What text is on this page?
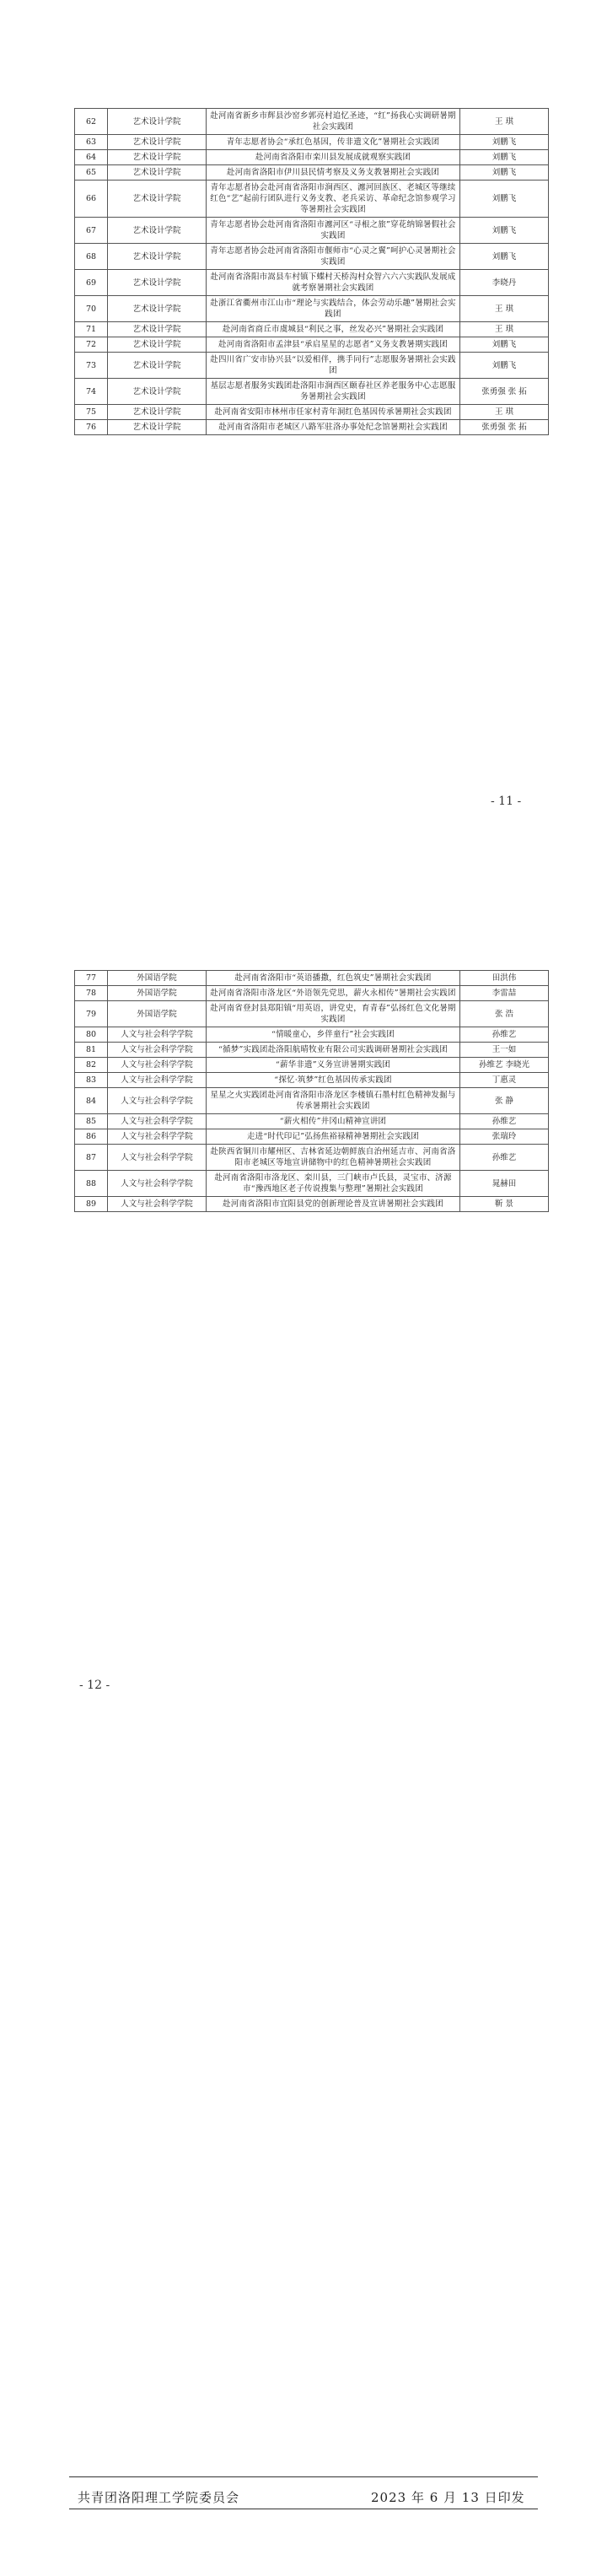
62	艺术设计学院	赴河南省新乡市辉县沙窑乡郭亮村追忆圣迹，“红”扬我心实调研暑期社会实践团	王 琪
63	艺术设计学院	青年志愿者协会“承红色基因，传非遗文化”暑期社会实践团	刘鹏飞
64	艺术设计学院	赴河南省洛阳市栾川县发展成就观察实践团	刘鹏飞
65	艺术设计学院	赴河南省洛阳市伊川县民情考察及义务支教暑期社会实践团	刘鹏飞
66	艺术设计学院	青年志愿者协会赴河南省洛阳市涧西区、瀍河回族区、老城区等继续红色“艺”起前行团队进行义务支教、老兵采访、革命纪念馆参观学习等暑期社会实践团	刘鹏飞
67	艺术设计学院	青年志愿者协会赴河南省洛阳市瀍河区“寻根之旅”穿花纳锦暑假社会实践团	刘鹏飞
68	艺术设计学院	青年志愿者协会赴河南省洛阳市偃师市“心灵之翼”呵护心灵暑期社会实践团	刘鹏飞
69	艺术设计学院	赴河南省洛阳市嵩县车村镇下蝶村天桥沟村众智六六六实践队发展成就考察暑期社会实践团	李晓丹
70	艺术设计学院	赴浙江省衢州市江山市“理论与实践结合，体会劳动乐趣”暑期社会实践团	王 琪
71	艺术设计学院	赴河南省商丘市虞城县“利民之事，丝发必兴”暑期社会实践团	王 琪
72	艺术设计学院	赴河南省洛阳市孟津县“承启星星的志愿者”义务支教暑期实践团	刘鹏飞
73	艺术设计学院	赴四川省广安市协兴县“以爱相伴，携手同行”志愿服务暑期社会实践团	刘鹏飞
74	艺术设计学院	基层志愿者服务实践团赴洛阳市涧西区颐春社区养老服务中心志愿服务暑期社会实践团	张勇强 张 拓
75	艺术设计学院	赴河南省安阳市林州市任家村青年洞红色基因传承暑期社会实践团	王 琪
76	艺术设计学院	赴河南省洛阳市老城区八路军驻洛办事处纪念馆暑期社会实践团	张勇强 张 拓
- 11 -
77	外国语学院	赴河南省洛阳市“英语播撒，红色筑史”暑期社会实践团	田洪伟
78	外国语学院	赴河南省洛阳市洛龙区“外语领先党思，薪火永相传”暑期社会实践团	李雷喆
79	外国语学院	赴河南省登封县郑阳镇“用英语，讲党史，育青春”弘扬红色文化暑期实践团	张 浩
80	人文与社会科学学院	“情暖童心，乡伴童行”社会实践团	孙维艺
81	人文与社会科学学院	“循梦”实践团赴洛阳航晴牧业有限公司实践调研暑期社会实践团	王一如
82	人文与社会科学学院	“薪华非遗”义务宣讲暑期实践团	孙维艺 李晓光
83	人文与社会科学学院	“探忆·筑梦”红色基因传承实践团	丁惠灵
84	人文与社会科学学院	星星之火实践团赴河南省洛阳市洛龙区李楼镇石墨村红色精神发掘与传承暑期社会实践团	张 静
85	人文与社会科学学院	“薪火相传”井冈山精神宣讲团	孙维艺
86	人文与社会科学学院	走进“时代印记”弘扬焦裕禄精神暑期社会实践团	张瑞玲
87	人文与社会科学学院	赴陕西省铜川市耀州区、吉林省延边朝鲜族自治州延吉市、河南省洛阳市老城区等地宣讲储物中的红色精神暑期社会实践团	孙维艺
88	人文与社会科学学院	赴河南省洛阳市洛龙区、栾川县，三门峡市卢氏县，灵宝市、济源市“豫西地区老子传说搜集与整理”暑期社会实践团	晁赫田
89	人文与社会科学学院	赴河南省洛阳市宜阳县党的创新理论普及宣讲暑期社会实践团	靳 景
- 12 -
共青团洛阳理工学院委员会	2023 年 6 月 13 日印发
